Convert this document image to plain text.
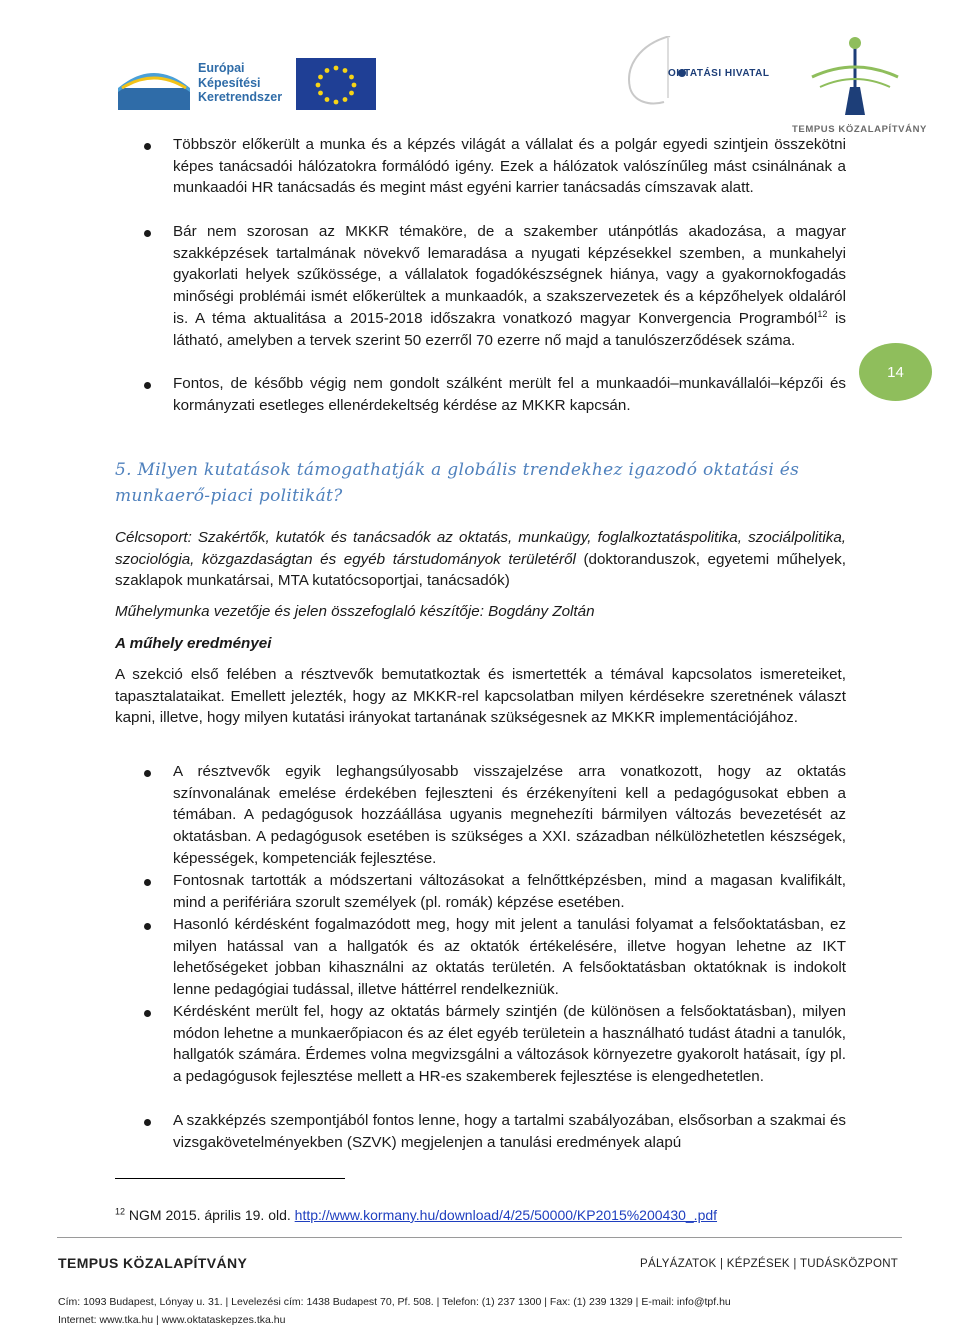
Európai
Képesítési
Keretrendszer
OKTATÁSI HIVATAL
TEMPUS KÖZALAPÍTVÁNY
Többször előkerült a munka és a képzés világát a vállalat és a polgár egyedi szintjein összekötni képes tanácsadói hálózatokra formálódó igény. Ezek a hálózatok valószínűleg mást csinálnának a munkaadói HR tanácsadás és megint mást egyéni karrier tanácsadás címszavak alatt.
Bár nem szorosan az MKKR témaköre, de a szakember utánpótlás akadozása, a magyar szakképzések tartalmának növekvő lemaradása a nyugati képzésekkel szemben, a munkahelyi gyakorlati helyek szűkössége, a vállalatok fogadókészségnek hiánya, vagy a gyakornokfogadás minőségi problémái ismét előkerültek a munkaadók, a szakszervezetek és a képzőhelyek oldaláról is. A téma aktualitása a 2015-2018 időszakra vonatkozó magyar Konvergencia Programból$^{12}$ is látható, amelyben a tervek szerint 50 ezerről 70 ezerre nő majd a tanulószerződések száma.
Fontos, de később végig nem gondolt szálként merült fel a munkaadói–munkavállalói–képzői és kormányzati esetleges ellenérdekeltség kérdése az MKKR kapcsán.
14
5. Milyen kutatások támogathatják a globális trendekhez igazodó oktatási és munkaerő-piaci politikát?
Célcsoport: Szakértők, kutatók és tanácsadók az oktatás, munkaügy, foglalkoztatáspolitika, szociálpolitika, szociológia, közgazdaságtan és egyéb társtudományok területéről (doktoranduszok, egyetemi műhelyek, szaklapok munkatársai, MTA kutatócsoportjai, tanácsadók)
Műhelymunka vezetője és jelen összefoglaló készítője: Bogdány Zoltán
A műhely eredményei
A szekció első felében a résztvevők bemutatkoztak és ismertették a témával kapcsolatos ismereteiket, tapasztalataikat. Emellett jelezték, hogy az MKKR-rel kapcsolatban milyen kérdésekre szeretnének választ kapni, illetve, hogy milyen kutatási irányokat tartanának szükségesnek az MKKR implementációjához.
A résztvevők egyik leghangsúlyosabb visszajelzése arra vonatkozott, hogy az oktatás színvonalának emelése érdekében fejleszteni és érzékenyíteni kell a pedagógusokat ebben a témában. A pedagógusok hozzáállása ugyanis megnehezíti bármilyen változás bevezetését az oktatásban. A pedagógusok esetében is szükséges a XXI. században nélkülözhetetlen készségek, képességek, kompetenciák fejlesztése.
Fontosnak tartották a módszertani változásokat a felnőttképzésben, mind a magasan kvalifikált, mind a perifériára szorult személyek (pl. romák) képzése esetében.
Hasonló kérdésként fogalmazódott meg, hogy mit jelent a tanulási folyamat a felsőoktatásban, ez milyen hatással van a hallgatók és az oktatók értékelésére, illetve hogyan lehetne az IKT lehetőségeket jobban kihasználni az oktatás területén. A felsőoktatásban oktatóknak is indokolt lenne pedagógiai tudással, illetve háttérrel rendelkezniük.
Kérdésként merült fel, hogy az oktatás bármely szintjén (de különösen a felsőoktatásban), milyen módon lehetne a munkaerőpiacon és az élet egyéb területein a használható tudást átadni a tanulók, hallgatók számára. Érdemes volna megvizsgálni a változások környezetre gyakorolt hatásait, így pl. a pedagógusok fejlesztése mellett a HR-es szakemberek fejlesztése is elengedhetetlen.
A szakképzés szempontjából fontos lenne, hogy a tartalmi szabályozában, elsősorban a szakmai és vizsgakövetelményekben (SZVK) megjelenjen a tanulási eredmények alapú
$^{12}$ NGM 2015. április 19. old. http://www.kormany.hu/download/4/25/50000/KP2015%200430_.pdf
TEMPUS KÖZALAPÍTVÁNY	PÁLYÁZATOK | KÉPZÉSEK | TUDÁSKÖZPONT
Cím: 1093 Budapest, Lónyay u. 31. | Levelezési cím: 1438 Budapest 70, Pf. 508. | Telefon: (1) 237 1300 | Fax: (1) 239 1329 | E-mail: info@tpf.hu
Internet: www.tka.hu | www.oktataskepzes.tka.hu
